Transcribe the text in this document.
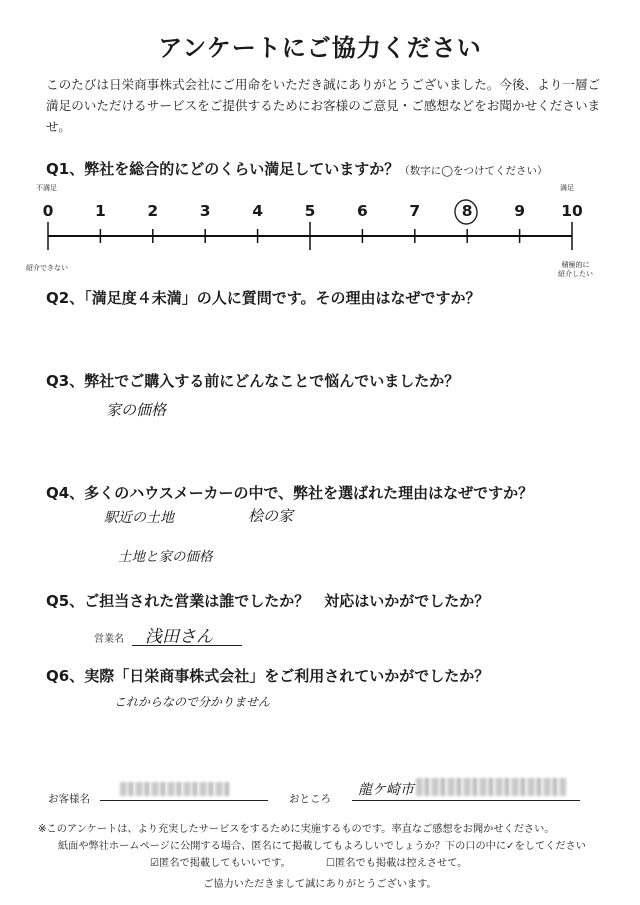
アンケートにご協力ください
このたびは日栄商事株式会社にご用命をいただき誠にありがとうございました。今後、より一層ご満足のいただけるサービスをご提供するためにお客様のご意見・ご感想などをお聞かせくださいませ。
Q1、弊社を総合的にどのくらい満足していますか？（数字に◯をつけてください）
不満足	満足
0	1	2	3	4	5	6	7	8	9	10
紹介できない	積極的に
紹介したい
Q2、「満足度４未満」の人に質問です。その理由はなぜですか？
Q3、弊社でご購入する前にどんなことで悩んでいましたか？
家の価格
Q4、多くのハウスメーカーの中で、弊社を選ばれた理由はなぜですか？
駅近の土地	桧の家
土地と家の価格
Q5、ご担当された営業は誰でしたか？　対応はいかがでしたか？
営業名 浅田さん
Q6、実際「日栄商事株式会社」をご利用されていかがでしたか？
これからなので分かりません
お客様名	おところ
龍ケ崎市
※このアンケートは、より充実したサービスをするために実施するものです。率直なご感想をお聞かせください。
紙面や弊社ホームページに公開する場合、匿名にて掲載してもよろしいでしょうか？下の口の中に✓をしてください
☑匿名で掲載してもいいです。	☐匿名でも掲載は控えさせて。
ご協力いただきまして誠にありがとうございます。
